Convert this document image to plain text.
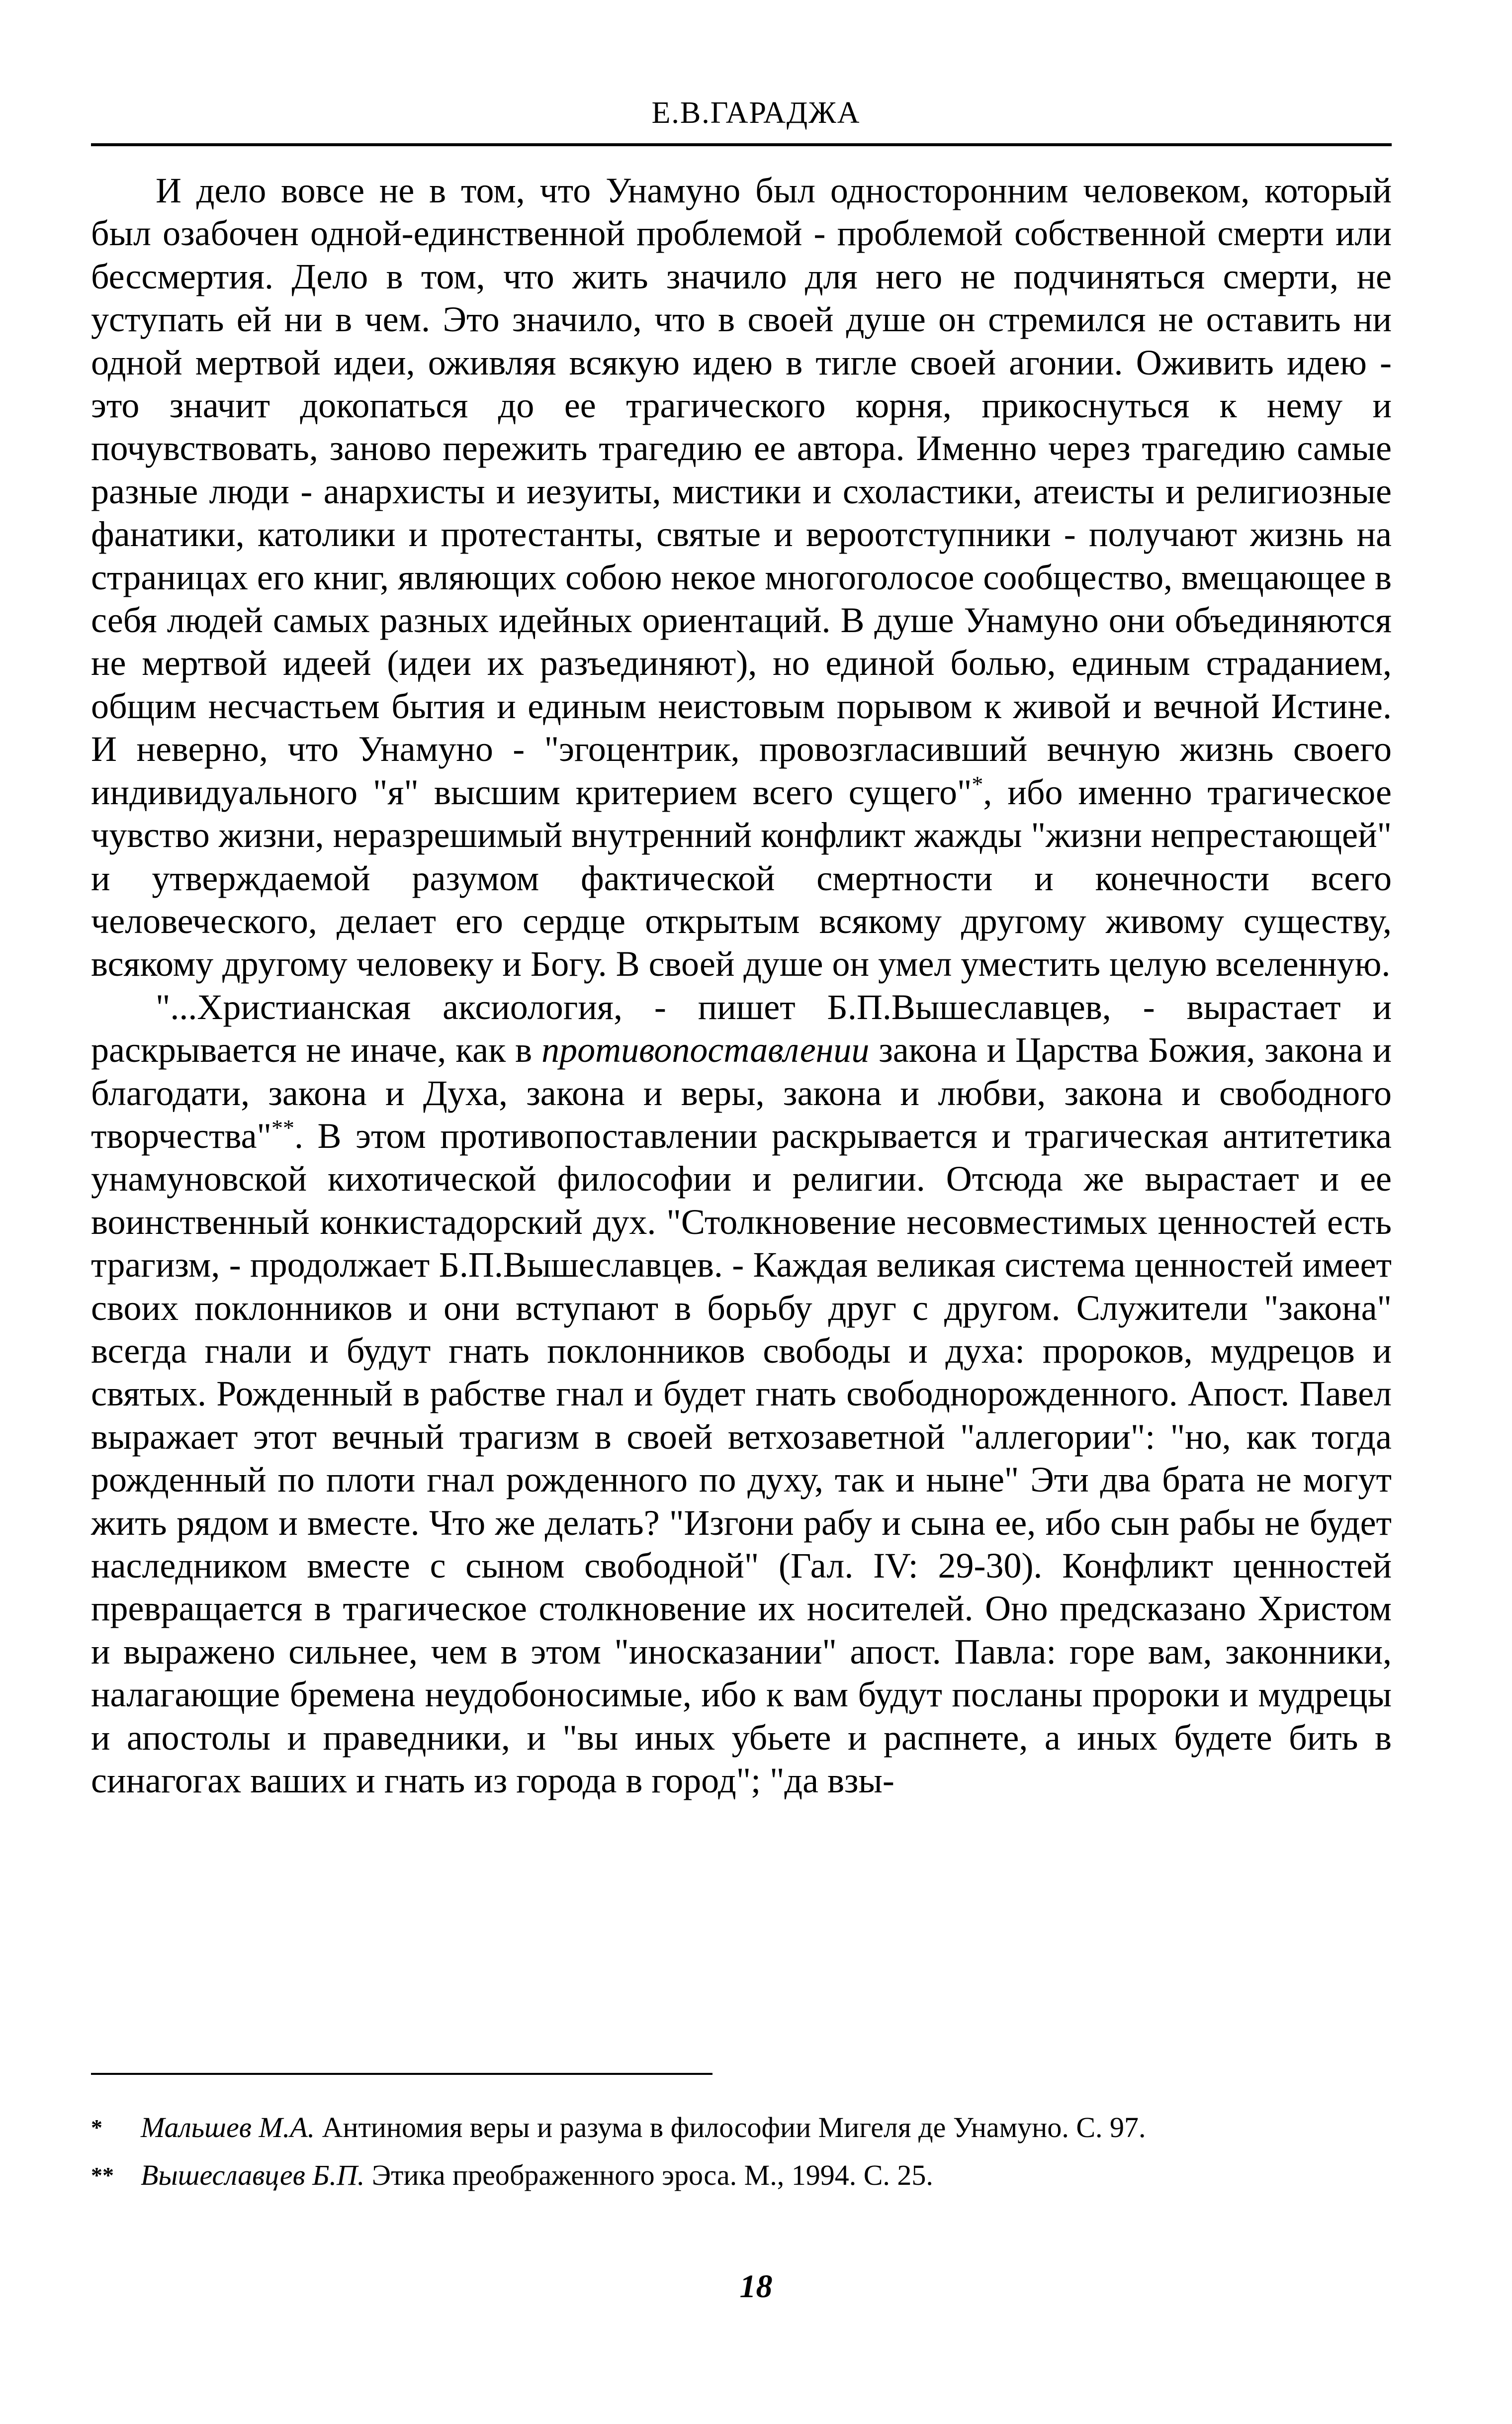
Е.В.ГАРАДЖА

И дело вовсе не в том, что Унамуно был односторонним человеком, который был озабочен одной-единственной проблемой - проблемой собственной смерти или бессмертия. Дело в том, что жить значило для него не подчиняться смерти, не уступать ей ни в чем. Это значило, что в своей душе он стремился не оставить ни одной мертвой идеи, оживляя всякую идею в тигле своей агонии. Оживить идею - это значит докопаться до ее трагического корня, прикоснуться к нему и почувствовать, заново пережить трагедию ее автора. Именно через трагедию самые разные люди - анархисты и иезуиты, мистики и схоластики, атеисты и религиозные фанатики, католики и протестанты, святые и вероотступники - получают жизнь на страницах его книг, являющих собою некое многоголосое сообщество, вмещающее в себя людей самых разных идейных ориентаций. В душе Унамуно они объединяются не мертвой идеей (идеи их разъединяют), но единой болью, единым страданием, общим несчастьем бытия и единым неистовым порывом к живой и вечной Истине. И неверно, что Унамуно - "эгоцентрик, провозгласивший вечную жизнь своего индивидуального "я" высшим критерием всего сущего"*, ибо именно трагическое чувство жизни, неразрешимый внутренний конфликт жажды "жизни непрестающей" и утверждаемой разумом фактической смертности и конечности всего человеческого, делает его сердце открытым всякому другому живому существу, всякому другому человеку и Богу. В своей душе он умел уместить целую вселенную.

"...Христианская аксиология, - пишет Б.П.Вышеславцев, - вырастает и раскрывается не иначе, как в противопоставлении закона и Царства Божия, закона и благодати, закона и Духа, закона и веры, закона и любви, закона и свободного творчества"**. В этом противопоставлении раскрывается и трагическая антитетика унамуновской кихотической философии и религии. Отсюда же вырастает и ее воинственный конкистадорский дух. "Столкновение несовместимых ценностей есть трагизм, - продолжает Б.П.Вышеславцев. - Каждая великая система ценностей имеет своих поклонников и они вступают в борьбу друг с другом. Служители "закона" всегда гнали и будут гнать поклонников свободы и духа: пророков, мудрецов и святых. Рожденный в рабстве гнал и будет гнать свободнорожденного. Апост. Павел выражает этот вечный трагизм в своей ветхозаветной "аллегории": "но, как тогда рожденный по плоти гнал рожденного по духу, так и ныне" Эти два брата не могут жить рядом и вместе. Что же делать? "Изгони рабу и сына ее, ибо сын рабы не будет наследником вместе с сыном свободной" (Гал. IV: 29-30). Конфликт ценностей превращается в трагическое столкновение их носителей. Оно предсказано Христом и выражено сильнее, чем в этом "иносказании" апост. Павла: горе вам, законники, налагающие бремена неудобоносимые, ибо к вам будут посланы пророки и мудрецы и апостолы и праведники, и "вы иных убьете и распнете, а иных будете бить в синагогах ваших и гнать из города в город"; "да взы-

* Мальшев М.А. Антиномия веры и разума в философии Мигеля де Унамуно. С. 97.

** Вышеславцев Б.П. Этика преображенного эроса. М., 1994. С. 25.

18
